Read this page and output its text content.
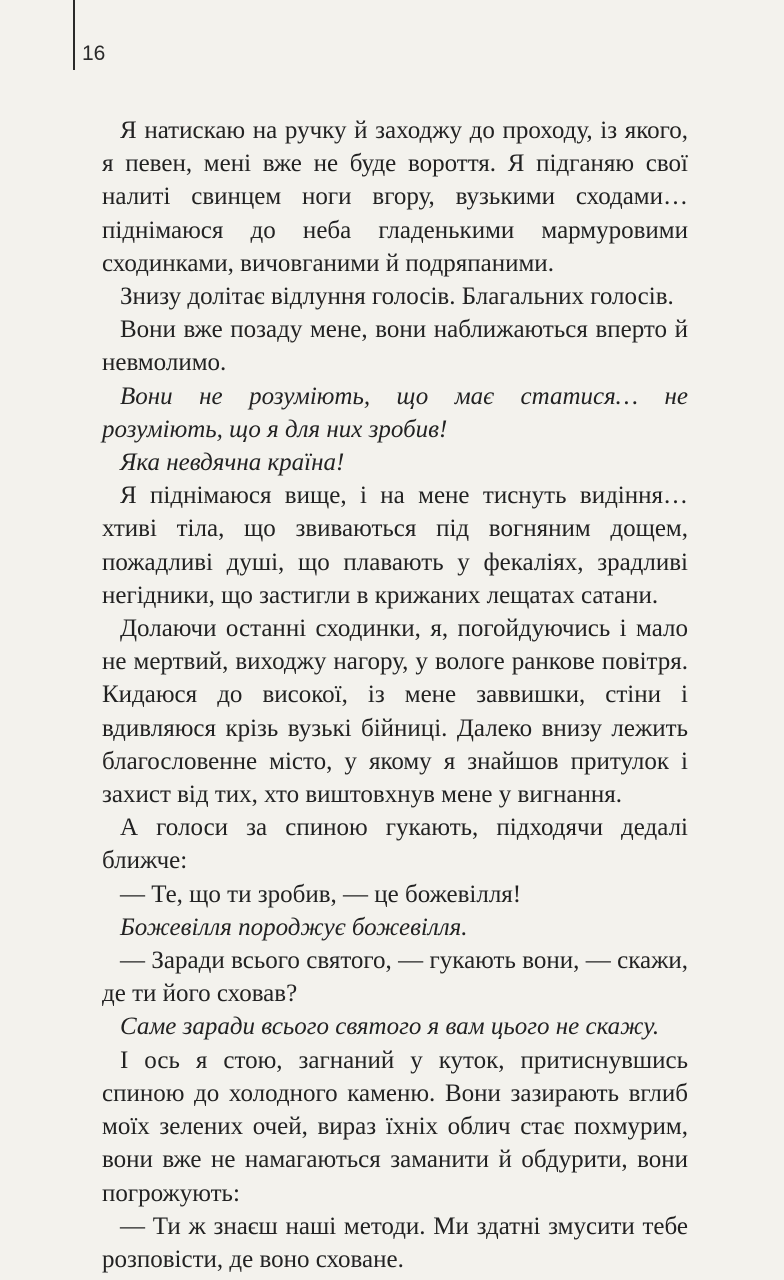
16

Я натискаю на ручку й заходжу до проходу, із якого, я певен, мені вже не буде вороття. Я підганяю свої налиті свинцем ноги вгору, вузькими сходами… піднімаюся до неба гладенькими мармуровими сходинками, вичовганими й подряпаними.

Знизу долітає відлуння голосів. Благальних голосів.

Вони вже позаду мене, вони наближаються вперто й невмолимо.

Вони не розуміють, що має статися… не розуміють, що я для них зробив!

Яка невдячна країна!

Я піднімаюся вище, і на мене тиснуть видіння… хтиві тіла, що звиваються під вогняним дощем, пожадливі душі, що плавають у фекаліях, зрадливі негідники, що застигли в крижаних лещатах сатани.

Долаючи останні сходинки, я, погойдуючись і мало не мертвий, виходжу нагору, у вологе ранкове повітря. Кидаюся до високої, із мене заввишки, стіни і вдивляюся крізь вузькі бійниці. Далеко внизу лежить благословенне місто, у якому я знайшов притулок і захист від тих, хто виштовхнув мене у вигнання.

А голоси за спиною гукають, підходячи дедалі ближче:

— Те, що ти зробив, — це божевілля!

Божевілля породжує божевілля.

— Заради всього святого, — гукають вони, — скажи, де ти його сховав?

Саме заради всього святого я вам цього не скажу.

І ось я стою, загнаний у куток, притиснувшись спиною до холодного каменю. Вони зазирають вглиб моїх зелених очей, вираз їхніх облич стає похмурим, вони вже не намагаються заманити й обдурити, вони погрожують:

— Ти ж знаєш наші методи. Ми здатні змусити тебе розповісти, де воно сховане.
